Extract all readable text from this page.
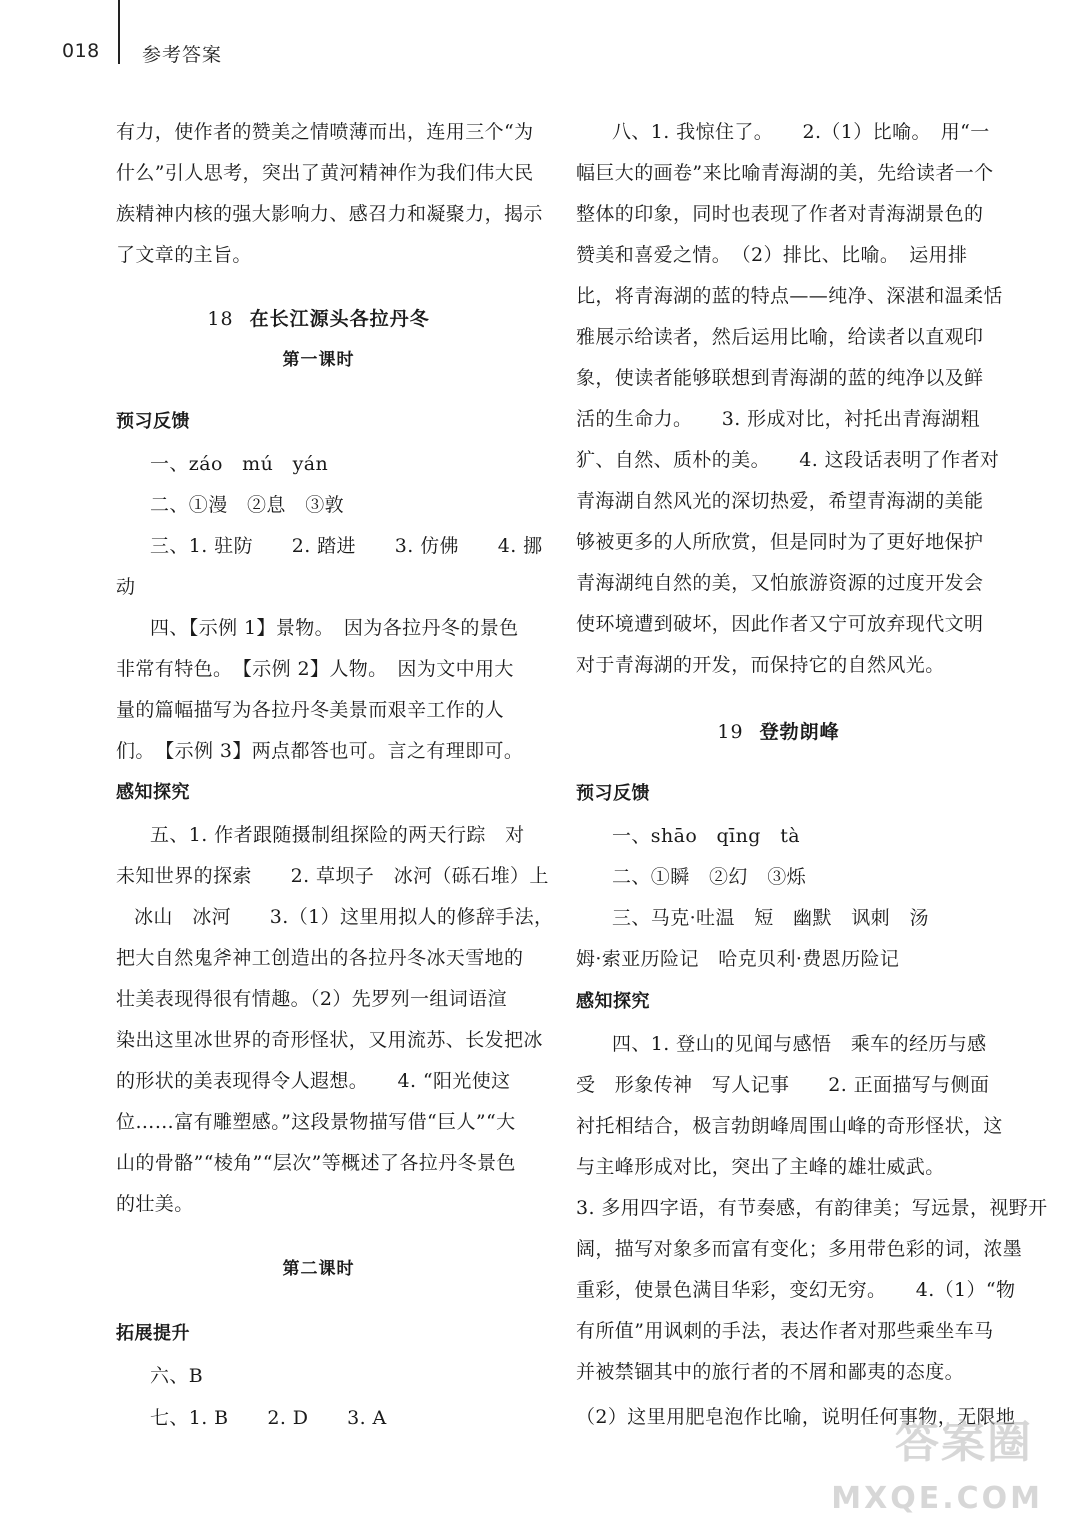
018 参考答案
有力，使作者的赞美之情喷薄而出，连用三个“为
什么”引人思考，突出了黄河精神作为我们伟大民
族精神内核的强大影响力、感召力和凝聚力，揭示
了文章的主旨。
18 在长江源头各拉丹冬
第一课时
预习反馈
一、záo　mú　yán
二、①漫　②息　③敦
三、1. 驻防　　2. 踏进　　3. 仿佛　　4. 挪
动
四、【示例 1】景物。　因为各拉丹冬的景色
非常有特色。　【示例 2】人物。　因为文中用大
量的篇幅描写为各拉丹冬美景而艰辛工作的人
们。　【示例 3】两点都答也可。言之有理即可。
感知探究
五、1. 作者跟随摄制组探险的两天行踪　对
未知世界的探索　　2. 草坝子　冰河（砾石堆）上
冰山　冰河　　3.（1）这里用拟人的修辞手法，
把大自然鬼斧神工创造出的各拉丹冬冰天雪地的
壮美表现得很有情趣。（2）先罗列一组词语渲
染出这里冰世界的奇形怪状，又用流苏、长发把冰
的形状的美表现得令人遐想。　　4. “阳光使这
位……富有雕塑感。”这段景物描写借“巨人”“大
山的骨骼”“棱角”“层次”等概述了各拉丹冬景色
的壮美。
第二课时
拓展提升
六、B
七、1. B　　2. D　　3. A
八、1. 我惊住了。　　2.（1）比喻。　用“一
幅巨大的画卷”来比喻青海湖的美，先给读者一个
整体的印象，同时也表现了作者对青海湖景色的
赞美和喜爱之情。　（2）排比、比喻。　运用排
比，将青海湖的蓝的特点——纯净、深湛和温柔恬
雅展示给读者，然后运用比喻，给读者以直观印
象，使读者能够联想到青海湖的蓝的纯净以及鲜
活的生命力。　　3. 形成对比，衬托出青海湖粗
犷、自然、质朴的美。　　4. 这段话表明了作者对
青海湖自然风光的深切热爱，希望青海湖的美能
够被更多的人所欣赏，但是同时为了更好地保护
青海湖纯自然的美，又怕旅游资源的过度开发会
使环境遭到破坏，因此作者又宁可放弃现代文明
对于青海湖的开发，而保持它的自然风光。
19 登勃朗峰
预习反馈
一、shāo　qīng　tà
二、①瞬　②幻　③烁
三、马克·吐温　短　幽默　讽刺　汤
姆·索亚历险记　哈克贝利·费恩历险记
感知探究
四、1. 登山的见闻与感悟　乘车的经历与感
受　形象传神　写人记事　　2. 正面描写与侧面
衬托相结合，极言勃朗峰周围山峰的奇形怪状，这
与主峰形成对比，突出了主峰的雄壮威武。
3. 多用四字语，有节奏感，有韵律美；写远景，视野开
阔，描写对象多而富有变化；多用带色彩的词，浓墨
重彩，使景色满目华彩，变幻无穷。　　4.（1）“物
有所值”用讽刺的手法，表达作者对那些乘坐车马
并被禁锢其中的旅行者的不屑和鄙夷的态度。
（2）这里用肥皂泡作比喻，说明任何事物，无限地
答案圈
MXQE.COM
